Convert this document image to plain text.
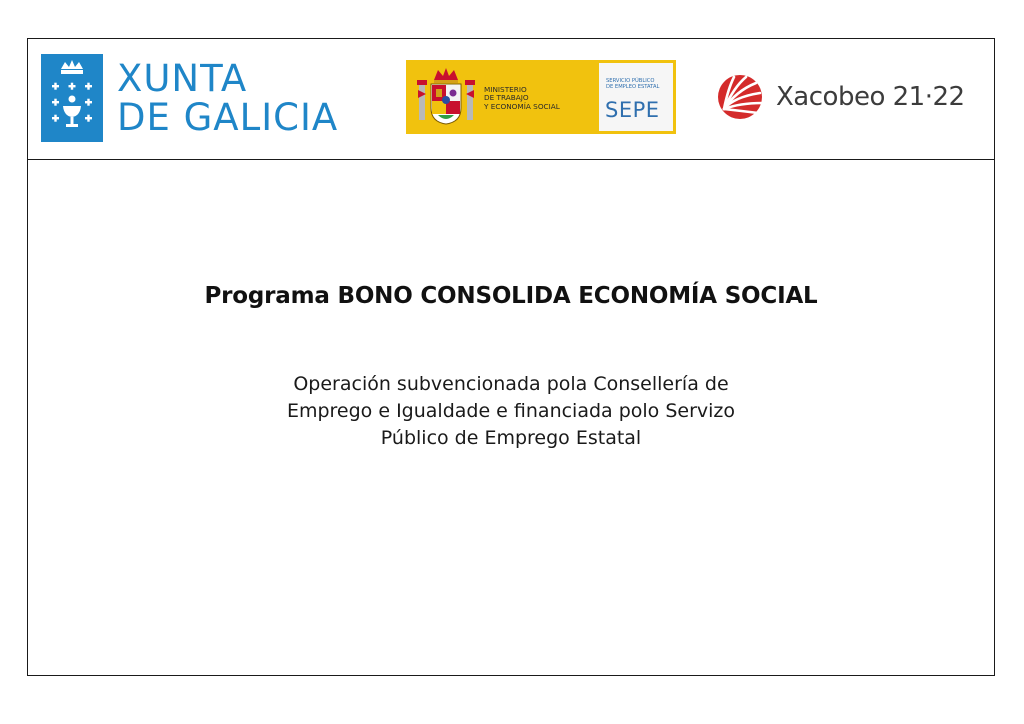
XUNTA
DE GALICIA
MINISTERIO
DE TRABAJO
Y ECONOMÍA SOCIAL
SERVICIO PÚBLICO
DE EMPLEO ESTATAL
SEPE	Xacobeo 21·22
Programa BONO CONSOLIDA ECONOMÍA SOCIAL
Operación subvencionada pola Consellería de
Emprego e Igualdade e financiada polo Servizo
Público de Emprego Estatal
